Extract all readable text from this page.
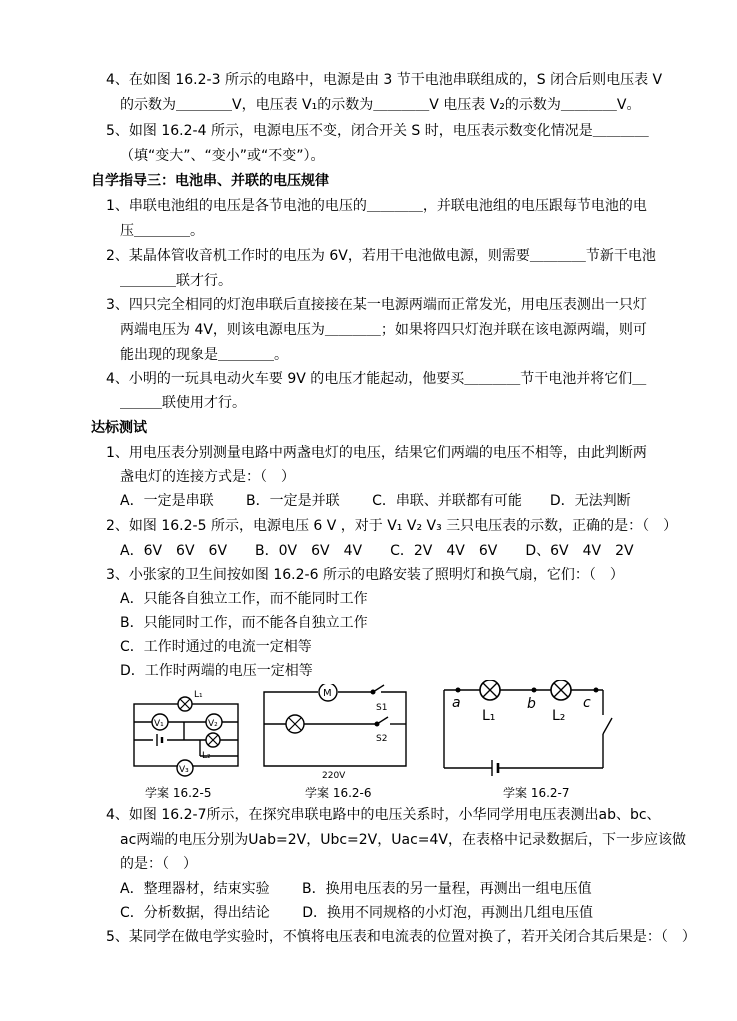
4、在如图 16.2-3 所示的电路中，电源是由 3 节干电池串联组成的，S 闭合后则电压表 V
的示数为＿＿＿＿V，电压表 V₁的示数为＿＿＿＿V 电压表 V₂的示数为＿＿＿＿V。
5、如图 16.2-4 所示，电源电压不变，闭合开关 S 时，电压表示数变化情况是＿＿＿＿
（填“变大”、“变小”或“不变”）。
自学指导三：电池串、并联的电压规律
1、串联电池组的电压是各节电池的电压的＿＿＿＿，并联电池组的电压跟每节电池的电
压＿＿＿＿。
2、某晶体管收音机工作时的电压为 6V，若用干电池做电源，则需要＿＿＿＿节新干电池
＿＿＿＿联才行。
3、四只完全相同的灯泡串联后直接接在某一电源两端而正常发光，用电压表测出一只灯
两端电压为 4V，则该电源电压为＿＿＿＿；如果将四只灯泡并联在该电源两端，则可
能出现的现象是＿＿＿＿。
4、小明的一玩具电动火车要 9V 的电压才能起动，他要买＿＿＿＿节干电池并将它们＿
＿＿＿联使用才行。
达标测试
1、用电压表分别测量电路中两盏电灯的电压，结果它们两端的电压不相等，由此判断两
盏电灯的连接方式是：（　）
A．一定是串联　　 B．一定是并联　　 C．串联、并联都有可能　　D．无法判断
2、如图 16.2-5 所示，电源电压 6 V ，对于 V₁ V₂ V₃ 三只电压表的示数，正确的是：（　）
A．6V　6V　6V　　B．0V　6V　4V　　C．2V　4V　6V　　D、6V　4V　2V
3、小张家的卫生间按如图 16.2-6 所示的电路安装了照明灯和换气扇，它们：（　）
A．只能各自独立工作，而不能同时工作
B．只能同时工作，而不能各自独立工作
C．工作时通过的电流一定相等
D．工作时两端的电压一定相等
4、如图 16.2-7所示，在探究串联电路中的电压关系时，小华同学用电压表测出ab、bc、
ac两端的电压分别为Uab=2V，Ubc=2V，Uac=4V，在表格中记录数据后，下一步应该做
的是：（　）
A．整理器材，结束实验　　 B．换用电压表的另一量程，再测出一组电压值
C．分析数据，得出结论　　 D．换用不同规格的小灯泡，再测出几组电压值
5、某同学在做电学实验时，不慎将电压表和电流表的位置对换了，若开关闭合其后果是：（　）
L₁
V₁	V₂
L₂
V₃
学案 16.2-5
M
S1
S2
220V
学案 16.2-6
a
L₁
b
L₂
c
学案 16.2-7
